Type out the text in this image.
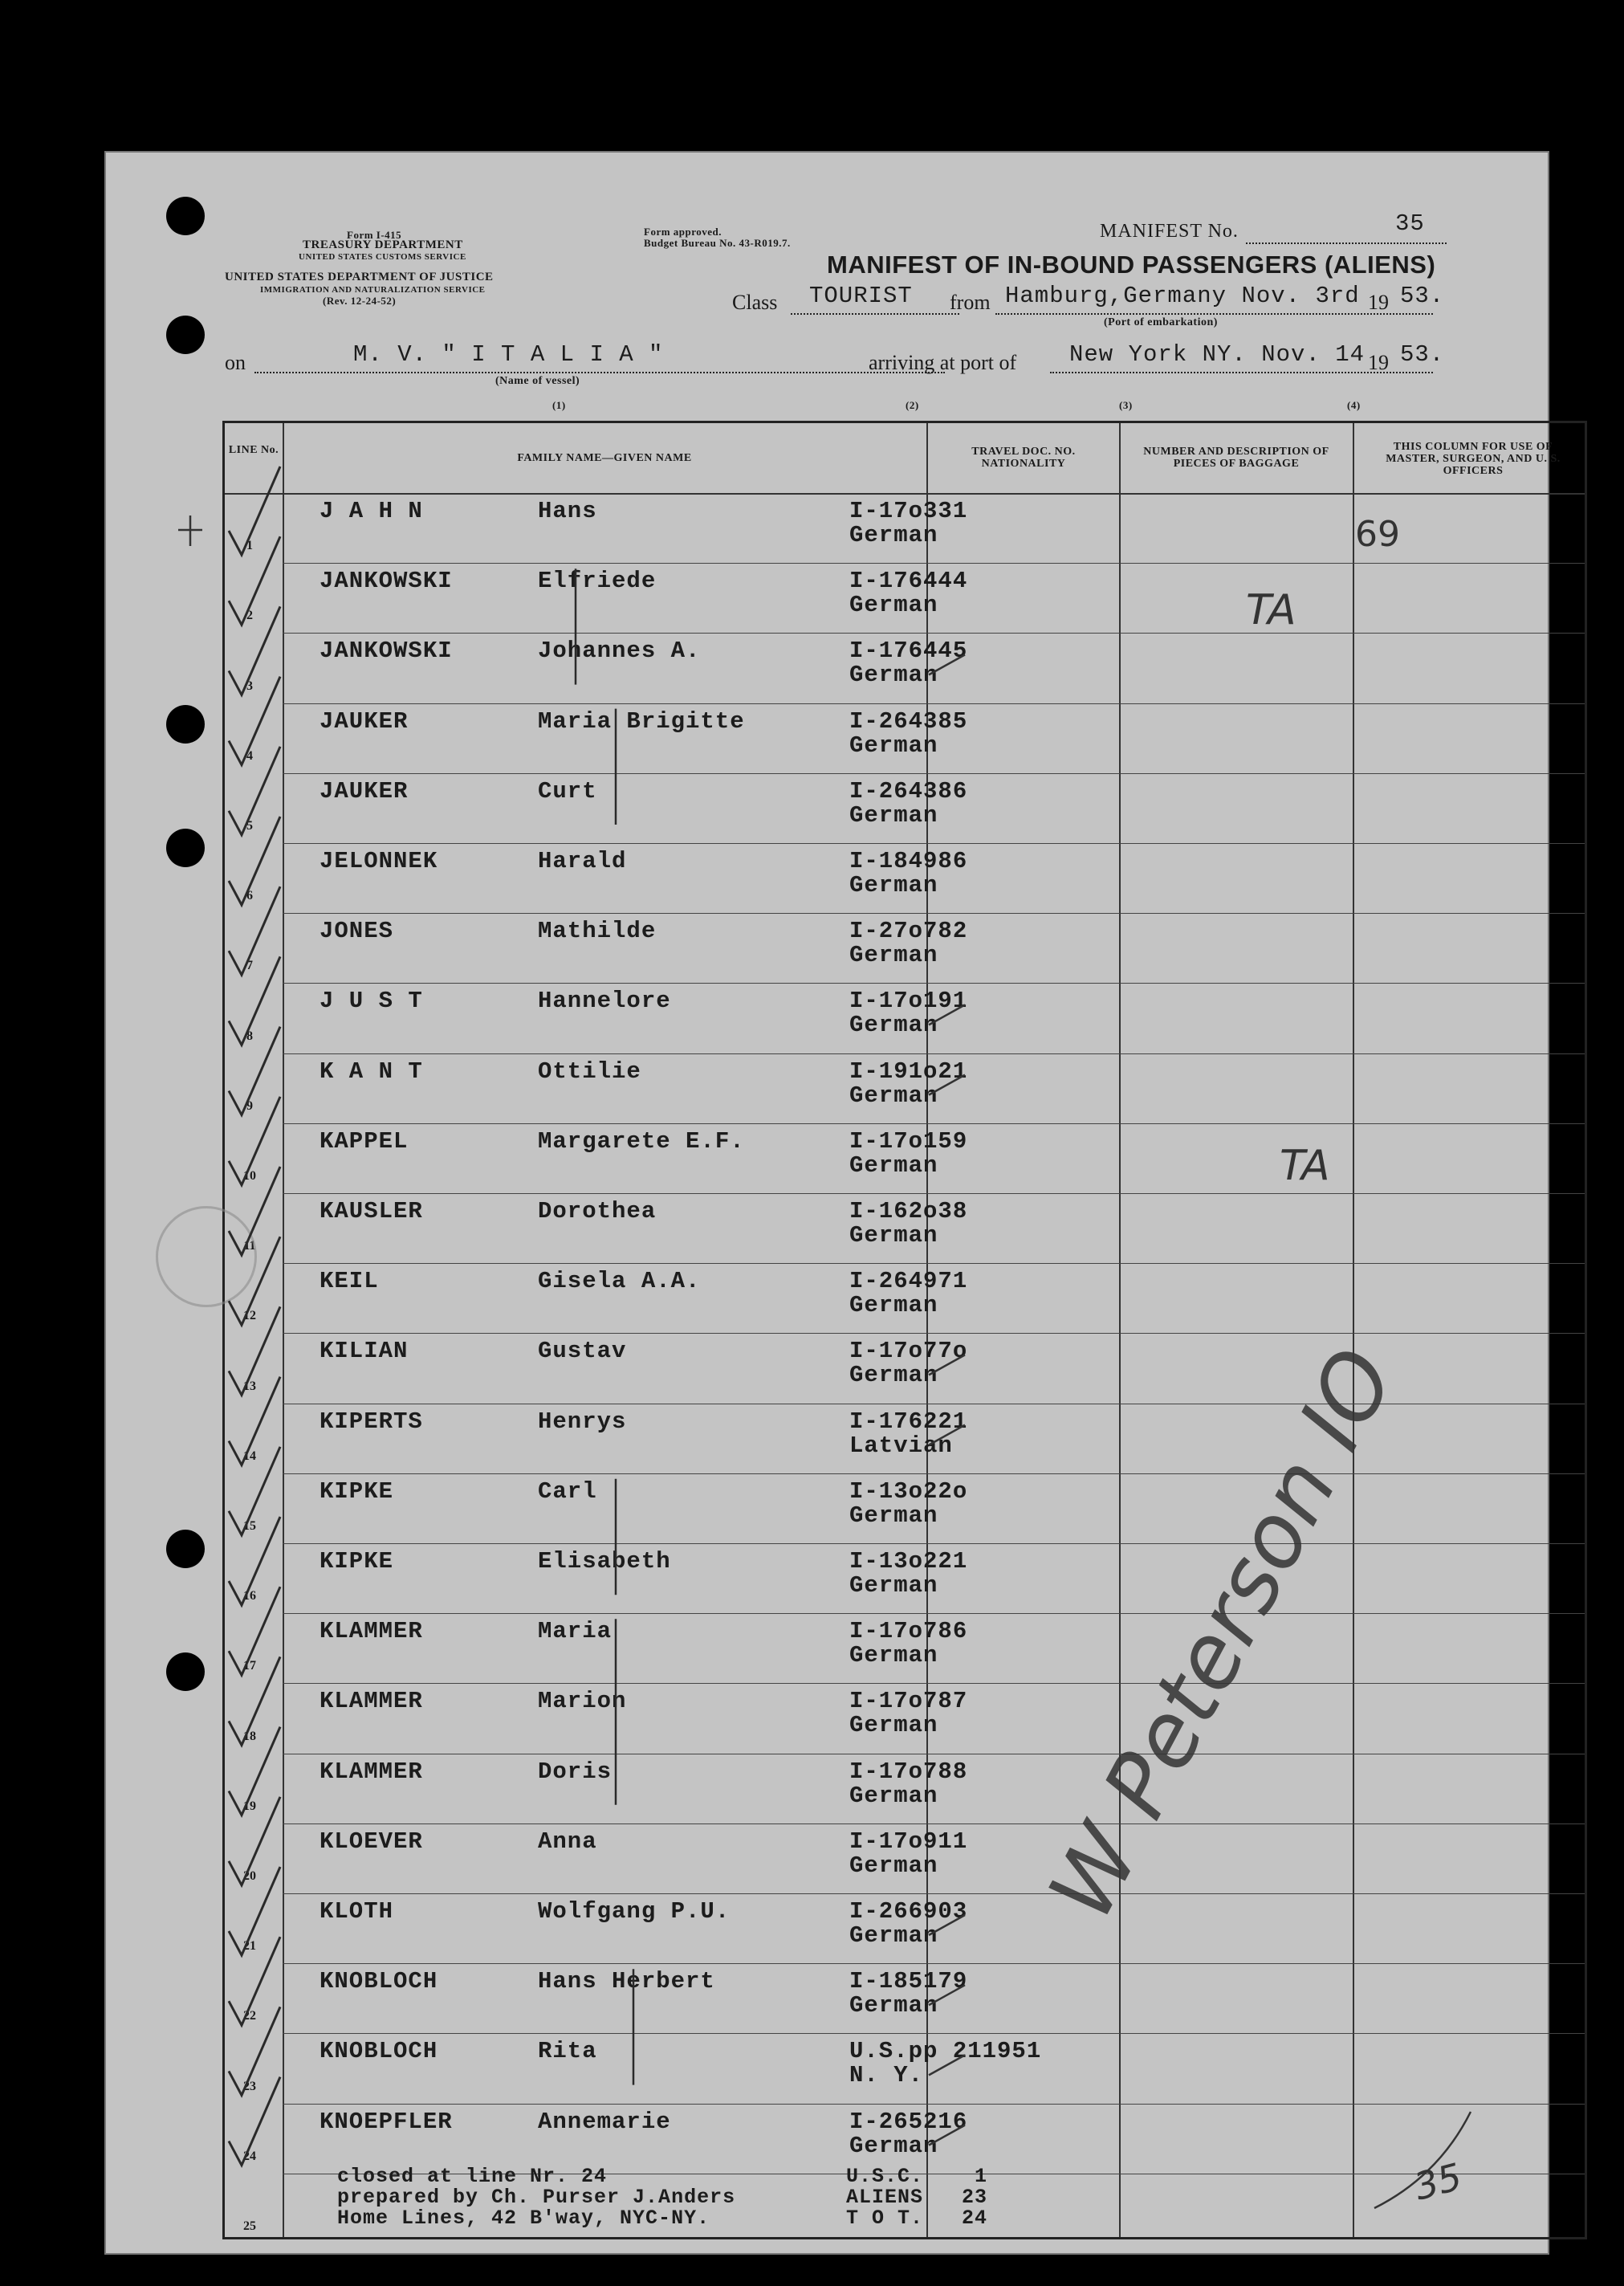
Form I-415
TREASURY DEPARTMENT
UNITED STATES CUSTOMS SERVICE
UNITED STATES DEPARTMENT OF JUSTICE
IMMIGRATION AND NATURALIZATION SERVICE
(Rev. 12-24-52)
Form approved.
Budget Bureau No. 43-R019.7.
MANIFEST No.	35
MANIFEST OF IN-BOUND PASSENGERS (ALIENS)
Class TOURIST from Hamburg,Germany Nov. 3rd 19 53.
(Port of embarkation)
on	M. V. " I T A L I A "
(Name of vessel)
arriving at port of New York NY. Nov. 14 19 53.
(1)	(2)	(3)	(4)
LINE No.
FAMILY NAME—GIVEN NAME
TRAVEL DOC. NO. NATIONALITY
NUMBER AND DESCRIPTION OF PIECES OF BAGGAGE
THIS COLUMN FOR USE OF MASTER, SURGEON, AND U. S. OFFICERS
1
J A H N	Hans	I-17o331
German
2
JANKOWSKI	Elfriede	I-176444
German
3
JANKOWSKI	Johannes A.	I-176445
German
4
JAUKER	Maria Brigitte	I-264385
German
5
JAUKER	Curt	I-264386
German
6
JELONNEK	Harald	I-184986
German
7
JONES	Mathilde	I-27o782
German
8
J U S T	Hannelore	I-17o191
German
9
K A N T	Ottilie	I-191o21
German
10
KAPPEL	Margarete E.F.	I-17o159
German
11
KAUSLER	Dorothea	I-162o38
German
12
KEIL	Gisela A.A.	I-264971
German
13
KILIAN	Gustav	I-17o77o
German
14
KIPERTS	Henrys	I-176221
Latvian
15
KIPKE	Carl	I-13o22o
German
16
KIPKE	Elisabeth	I-13o221
German
17
KLAMMER	Maria	I-17o786
German
18
KLAMMER	Marion	I-17o787
German
19
KLAMMER	Doris	I-17o788
German
20
KLOEVER	Anna	I-17o911
German
21
KLOTH	Wolfgang P.U.	I-266903
German
22
KNOBLOCH	Hans Herbert	I-185179
German
23
KNOBLOCH	Rita	U.S.pp 211951
N. Y.
24
KNOEPFLER	Annemarie	I-265216
German
25
closed at line Nr. 24
prepared by Ch. Purser J.Anders
Home Lines, 42 B'way, NYC-NY.
U.S.C.    1
ALIENS   23
T O T.   24
69
TA
TA
35
W Peterson IO
